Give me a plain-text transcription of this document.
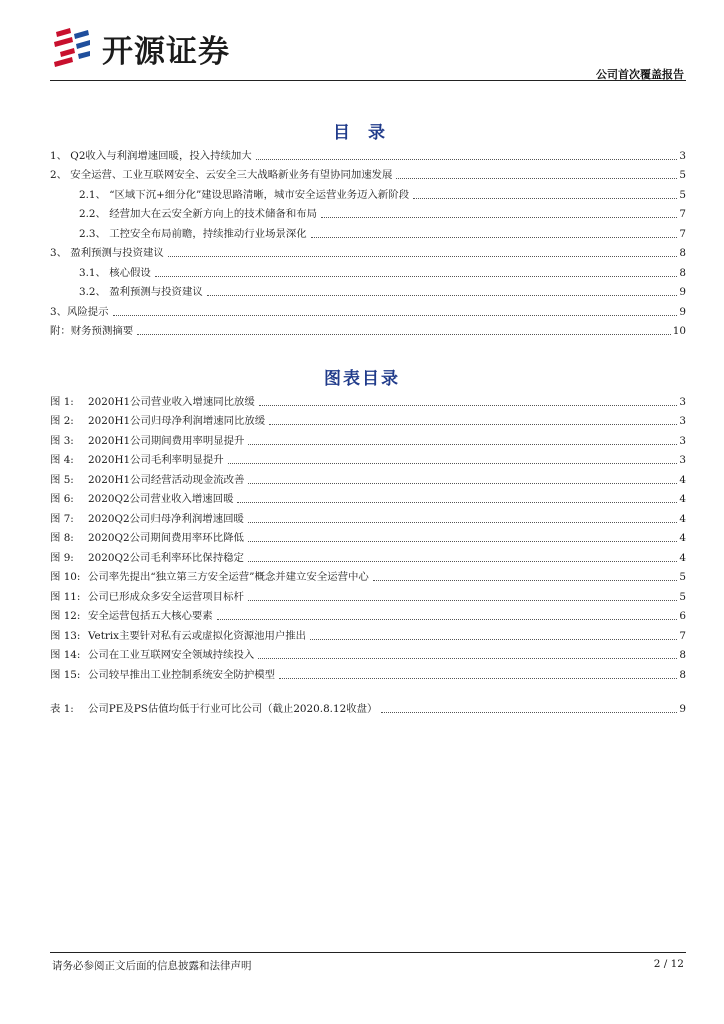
开源证券
公司首次覆盖报告
目 录
1、 Q2收入与利润增速回暖，投入持续加大	3
2、 安全运营、工业互联网安全、云安全三大战略新业务有望协同加速发展	5
2.1、 “区域下沉+细分化”建设思路清晰，城市安全运营业务迈入新阶段	5
2.2、 经营加大在云安全新方向上的技术储备和布局	7
2.3、 工控安全布局前瞻，持续推动行业场景深化	7
3、 盈利预测与投资建议	8
3.1、 核心假设	8
3.2、 盈利预测与投资建议	9
3、风险提示	9
附：财务预测摘要	10
图表目录
图 1: 2020H1公司营业收入增速同比放缓	3
图 2: 2020H1公司归母净利润增速同比放缓	3
图 3: 2020H1公司期间费用率明显提升	3
图 4: 2020H1公司毛利率明显提升	3
图 5: 2020H1公司经营活动现金流改善	4
图 6: 2020Q2公司营业收入增速回暖	4
图 7: 2020Q2公司归母净利润增速回暖	4
图 8: 2020Q2公司期间费用率环比降低	4
图 9: 2020Q2公司毛利率环比保持稳定	4
图 10: 公司率先提出“独立第三方安全运营”概念并建立安全运营中心	5
图 11: 公司已形成众多安全运营项目标杆	5
图 12: 安全运营包括五大核心要素	6
图 13: Vetrix主要针对私有云或虚拟化资源池用户推出	7
图 14: 公司在工业互联网安全领域持续投入	8
图 15: 公司较早推出工业控制系统安全防护模型	8
表 1: 公司PE及PS估值均低于行业可比公司（截止2020.8.12收盘）	9
请务必参阅正文后面的信息披露和法律声明	2 / 12
